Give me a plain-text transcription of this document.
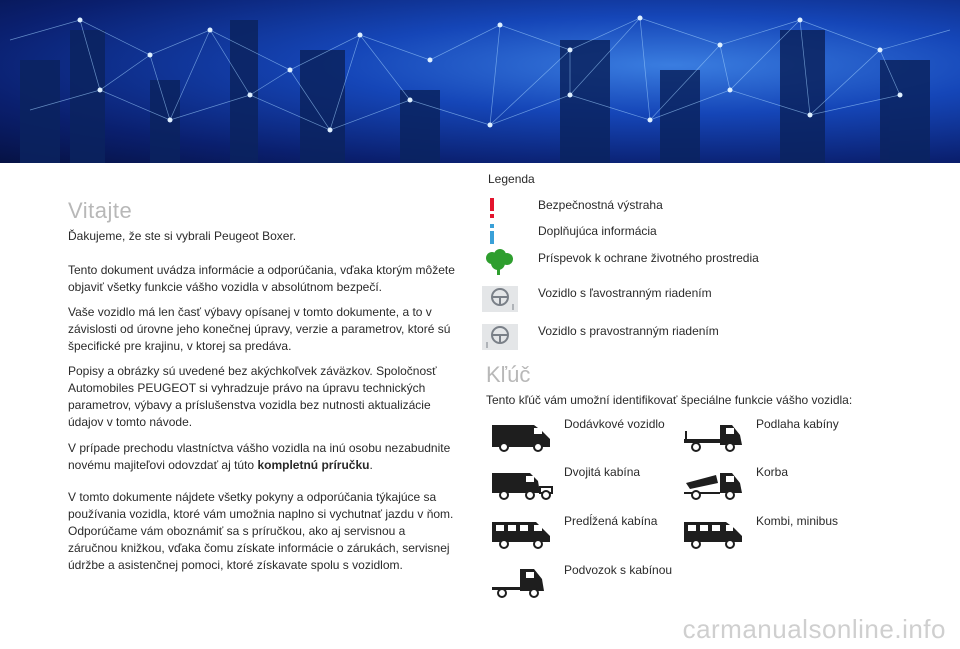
Vitajte

Ďakujeme, že ste si vybrali Peugeot Boxer.

Tento dokument uvádza informácie a odporúčania, vďaka ktorým môžete objaviť všetky funkcie vášho vozidla v absolútnom bezpečí.

Vaše vozidlo má len časť výbavy opísanej v tomto dokumente, a to v závislosti od úrovne jeho konečnej úpravy, verzie a parametrov, ktoré sú špecifické pre krajinu, v ktorej sa predáva.

Popisy a obrázky sú uvedené bez akýchkoľvek záväzkov. Spoločnosť Automobiles PEUGEOT si vyhradzuje právo na úpravu technických parametrov, výbavy a príslušenstva vozidla bez nutnosti aktualizácie údajov v tomto návode.

V prípade prechodu vlastníctva vášho vozidla na inú osobu nezabudnite novému majiteľovi odovzdať aj túto kompletnú príručku.

V tomto dokumente nájdete všetky pokyny a odporúčania týkajúce sa používania vozidla, ktoré vám umožnia naplno si vychutnať jazdu v ňom. Odporúčame vám oboznámiť sa s príručkou, ako aj servisnou a záručnou knižkou, vďaka čomu získate informácie o zárukách, servisnej údržbe a asistenčnej pomoci, ktoré získavate spolu s vozidlom.

Legenda
Bezpečnostná výstraha
Doplňujúca informácia
Príspevok k ochrane životného prostredia
Vozidlo s ľavostranným riadením
Vozidlo s pravostranným riadením
Kľúč
Tento kľúč vám umožní identifikovať špeciálne funkcie vášho vozidla:
Dodávkové vozidlo	Podlaha kabíny
Dvojitá kabína	Korba
Predĺžená kabína	Kombi, minibus
Podvozok s kabínou
carmanualsonline.info
